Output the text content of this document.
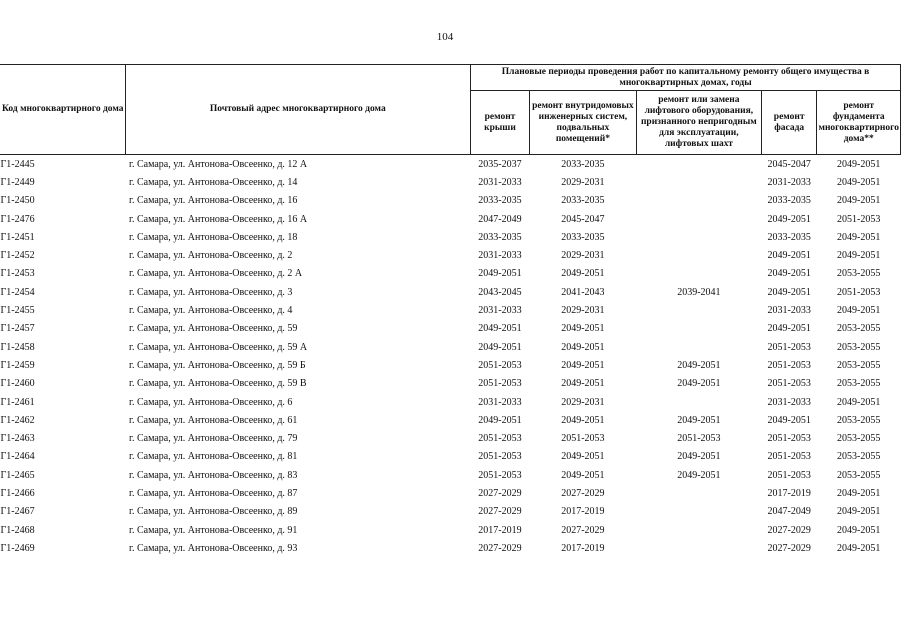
104
Код многоквартирного дома	Почтовый адрес многоквартирного дома	Плановые периоды проведения работ по капитальному ремонту общего имущества в многоквартирных домах, годы				
		ремонт крыши	ремонт внутридомовых инженерных систем, подвальных помещений*	ремонт или замена лифтового оборудования, признанного непригодным для эксплуатации, лифтовых шахт	ремонт фасада	ремонт фундамента многоквартирного дома**
Г1-2445	г. Самара, ул. Антонова-Овсеенко, д. 12 А	2035-2037	2033-2035		2045-2047	2049-2051
Г1-2449	г. Самара, ул. Антонова-Овсеенко, д. 14	2031-2033	2029-2031		2031-2033	2049-2051
Г1-2450	г. Самара, ул. Антонова-Овсеенко, д. 16	2033-2035	2033-2035		2033-2035	2049-2051
Г1-2476	г. Самара, ул. Антонова-Овсеенко, д. 16 А	2047-2049	2045-2047		2049-2051	2051-2053
Г1-2451	г. Самара, ул. Антонова-Овсеенко, д. 18	2033-2035	2033-2035		2033-2035	2049-2051
Г1-2452	г. Самара, ул. Антонова-Овсеенко, д. 2	2031-2033	2029-2031		2049-2051	2049-2051
Г1-2453	г. Самара, ул. Антонова-Овсеенко, д. 2 А	2049-2051	2049-2051		2049-2051	2053-2055
Г1-2454	г. Самара, ул. Антонова-Овсеенко, д. 3	2043-2045	2041-2043	2039-2041	2049-2051	2051-2053
Г1-2455	г. Самара, ул. Антонова-Овсеенко, д. 4	2031-2033	2029-2031		2031-2033	2049-2051
Г1-2457	г. Самара, ул. Антонова-Овсеенко, д. 59	2049-2051	2049-2051		2049-2051	2053-2055
Г1-2458	г. Самара, ул. Антонова-Овсеенко, д. 59 А	2049-2051	2049-2051		2051-2053	2053-2055
Г1-2459	г. Самара, ул. Антонова-Овсеенко, д. 59 Б	2051-2053	2049-2051	2049-2051	2051-2053	2053-2055
Г1-2460	г. Самара, ул. Антонова-Овсеенко, д. 59 В	2051-2053	2049-2051	2049-2051	2051-2053	2053-2055
Г1-2461	г. Самара, ул. Антонова-Овсеенко, д. 6	2031-2033	2029-2031		2031-2033	2049-2051
Г1-2462	г. Самара, ул. Антонова-Овсеенко, д. 61	2049-2051	2049-2051	2049-2051	2049-2051	2053-2055
Г1-2463	г. Самара, ул. Антонова-Овсеенко, д. 79	2051-2053	2051-2053	2051-2053	2051-2053	2053-2055
Г1-2464	г. Самара, ул. Антонова-Овсеенко, д. 81	2051-2053	2049-2051	2049-2051	2051-2053	2053-2055
Г1-2465	г. Самара, ул. Антонова-Овсеенко, д. 83	2051-2053	2049-2051	2049-2051	2051-2053	2053-2055
Г1-2466	г. Самара, ул. Антонова-Овсеенко, д. 87	2027-2029	2027-2029		2017-2019	2049-2051
Г1-2467	г. Самара, ул. Антонова-Овсеенко, д. 89	2027-2029	2017-2019		2047-2049	2049-2051
Г1-2468	г. Самара, ул. Антонова-Овсеенко, д. 91	2017-2019	2027-2029		2027-2029	2049-2051
Г1-2469	г. Самара, ул. Антонова-Овсеенко, д. 93	2027-2029	2017-2019		2027-2029	2049-2051
